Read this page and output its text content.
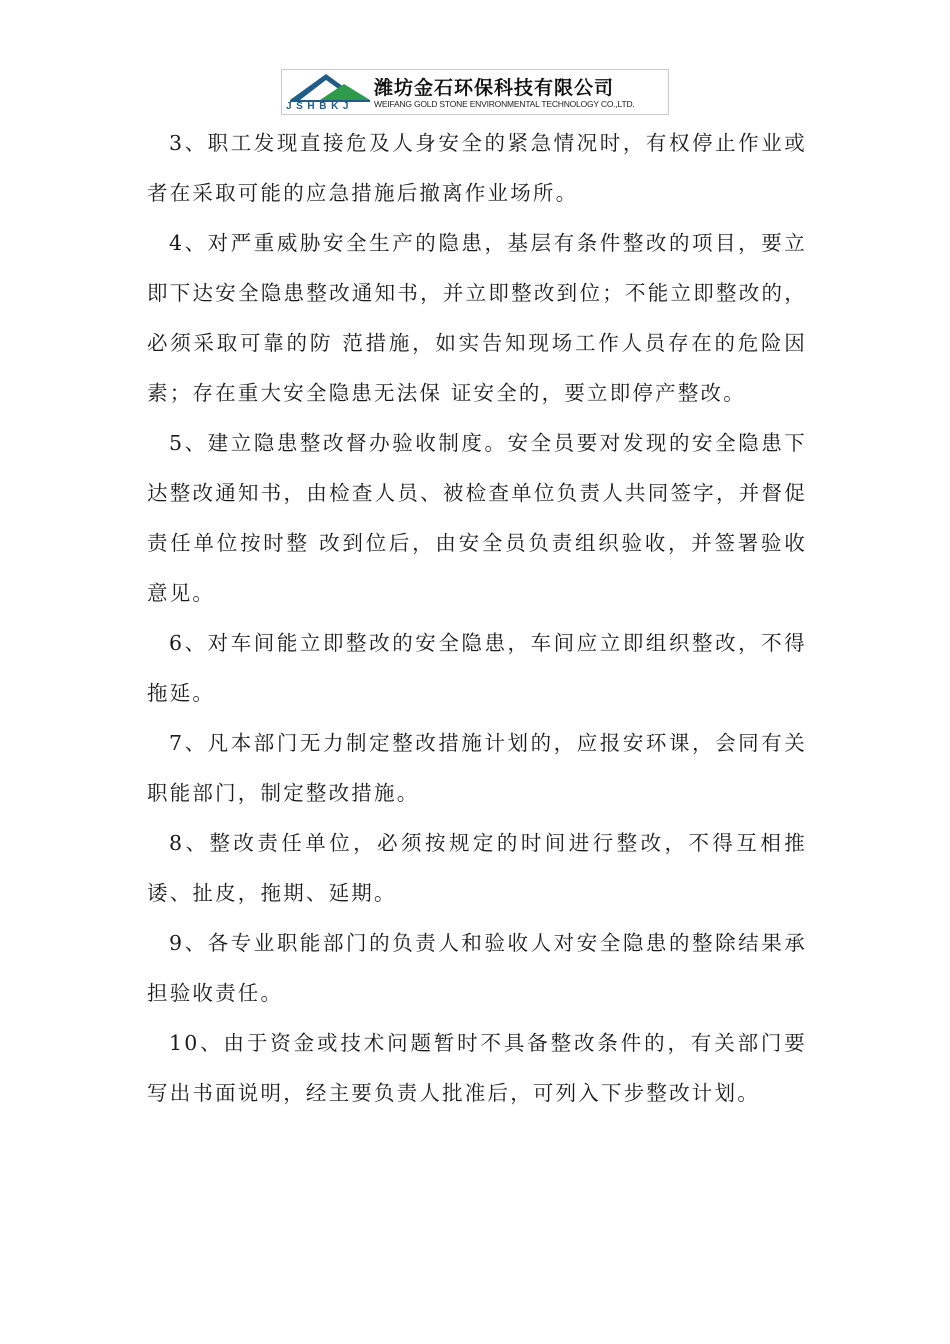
JSHBKJ
潍坊金石环保科技有限公司
WEIFANG GOLD STONE ENVIRONMENTAL TECHNOLOGY CO.,LTD.

3、职工发现直接危及人身安全的紧急情况时，有权停止作业或者在采取可能的应急措施后撤离作业场所。

4、对严重威胁安全生产的隐患，基层有条件整改的项目，要立即下达安全隐患整改通知书，并立即整改到位；不能立即整改的，必须采取可靠的防 范措施，如实告知现场工作人员存在的危险因素；存在重大安全隐患无法保 证安全的，要立即停产整改。

5、建立隐患整改督办验收制度。安全员要对发现的安全隐患下达整改通知书，由检查人员、被检查单位负责人共同签字，并督促责任单位按时整 改到位后，由安全员负责组织验收，并签署验收意见。

6、对车间能立即整改的安全隐患，车间应立即组织整改，不得拖延。

7、凡本部门无力制定整改措施计划的，应报安环课，会同有关职能部门，制定整改措施。

8、整改责任单位，必须按规定的时间进行整改，不得互相推诿、扯皮，拖期、延期。

9、各专业职能部门的负责人和验收人对安全隐患的整除结果承担验收责任。

10、由于资金或技术问题暂时不具备整改条件的，有关部门要写出书面说明，经主要负责人批准后，可列入下步整改计划。
